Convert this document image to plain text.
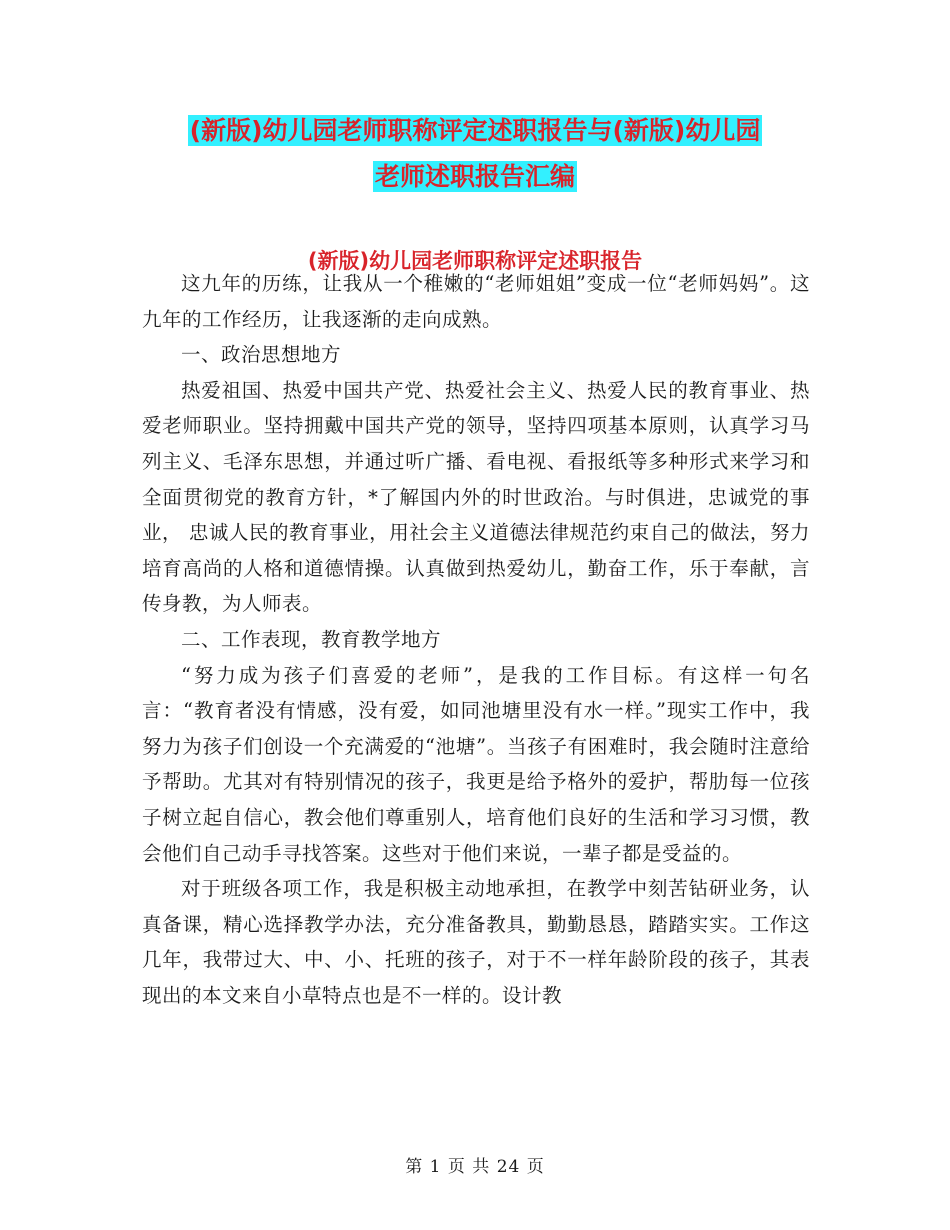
(新版)幼儿园老师职称评定述职报告与(新版)幼儿园
老师述职报告汇编
(新版)幼儿园老师职称评定述职报告

这九年的历练，让我从一个稚嫩的“老师姐姐”变成一位“老师妈妈”。这九年的工作经历，让我逐渐的走向成熟。

一、政治思想地方

热爱祖国、热爱中国共产党、热爱社会主义、热爱人民的教育事业、热爱老师职业。坚持拥戴中国共产党的领导，坚持四项基本原则，认真学习马列主义、毛泽东思想，并通过听广播、看电视、看报纸等多种形式来学习和全面贯彻党的教育方针，*了解国内外的时世政治。与时俱进，忠诚党的事业， 忠诚人民的教育事业，用社会主义道德法律规范约束自己的做法，努力培育高尚的人格和道德情操。认真做到热爱幼儿，勤奋工作，乐于奉献，言传身教，为人师表。

二、工作表现，教育教学地方

“努力成为孩子们喜爱的老师”，是我的工作目标。有这样一句名言：“教育者没有情感，没有爱，如同池塘里没有水一样。”现实工作中，我努力为孩子们创设一个充满爱的“池塘”。当孩子有困难时，我会随时注意给予帮助。尤其对有特别情况的孩子，我更是给予格外的爱护，帮肋每一位孩子树立起自信心，教会他们尊重别人，培育他们良好的生活和学习习惯，教会他们自己动手寻找答案。这些对于他们来说，一辈子都是受益的。

对于班级各项工作，我是积极主动地承担，在教学中刻苦钻研业务，认真备课，精心选择教学办法，充分准备教具，勤勤恳恳，踏踏实实。工作这几年，我带过大、中、小、托班的孩子，对于不一样年龄阶段的孩子，其表现出的本文来自小草特点也是不一样的。设计教

第 1 页 共 24 页
